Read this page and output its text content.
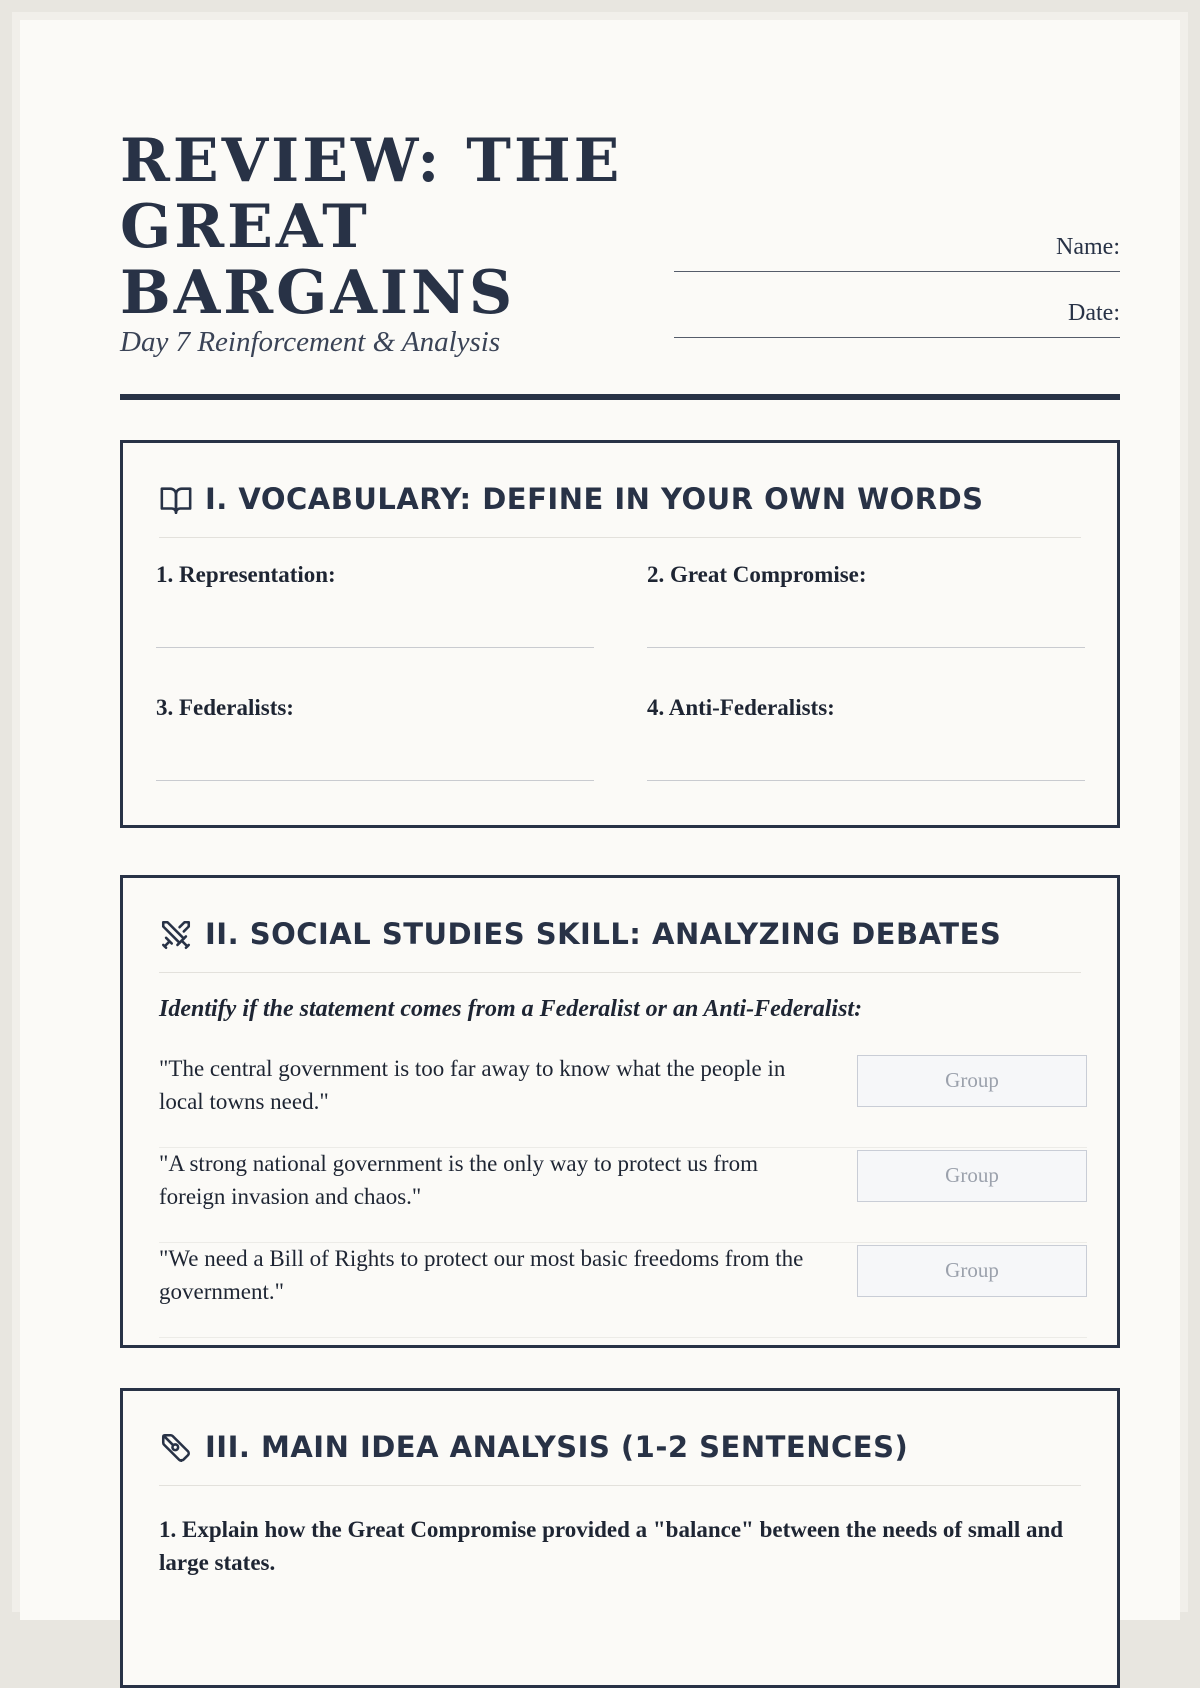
REVIEW: THE GREAT BARGAINS
Day 7 Reinforcement & Analysis
Name:
Date:
I. VOCABULARY: DEFINE IN YOUR OWN WORDS
1. Representation:	2. Great Compromise:
3. Federalists:	4. Anti-Federalists:
II. SOCIAL STUDIES SKILL: ANALYZING DEBATES
Identify if the statement comes from a Federalist or an Anti-Federalist:
"The central government is too far away to know what the people in local towns need."
Group
"A strong national government is the only way to protect us from foreign invasion and chaos."
Group
"We need a Bill of Rights to protect our most basic freedoms from the government."
Group
III. MAIN IDEA ANALYSIS (1-2 SENTENCES)
1. Explain how the Great Compromise provided a "balance" between the needs of small and large states.
